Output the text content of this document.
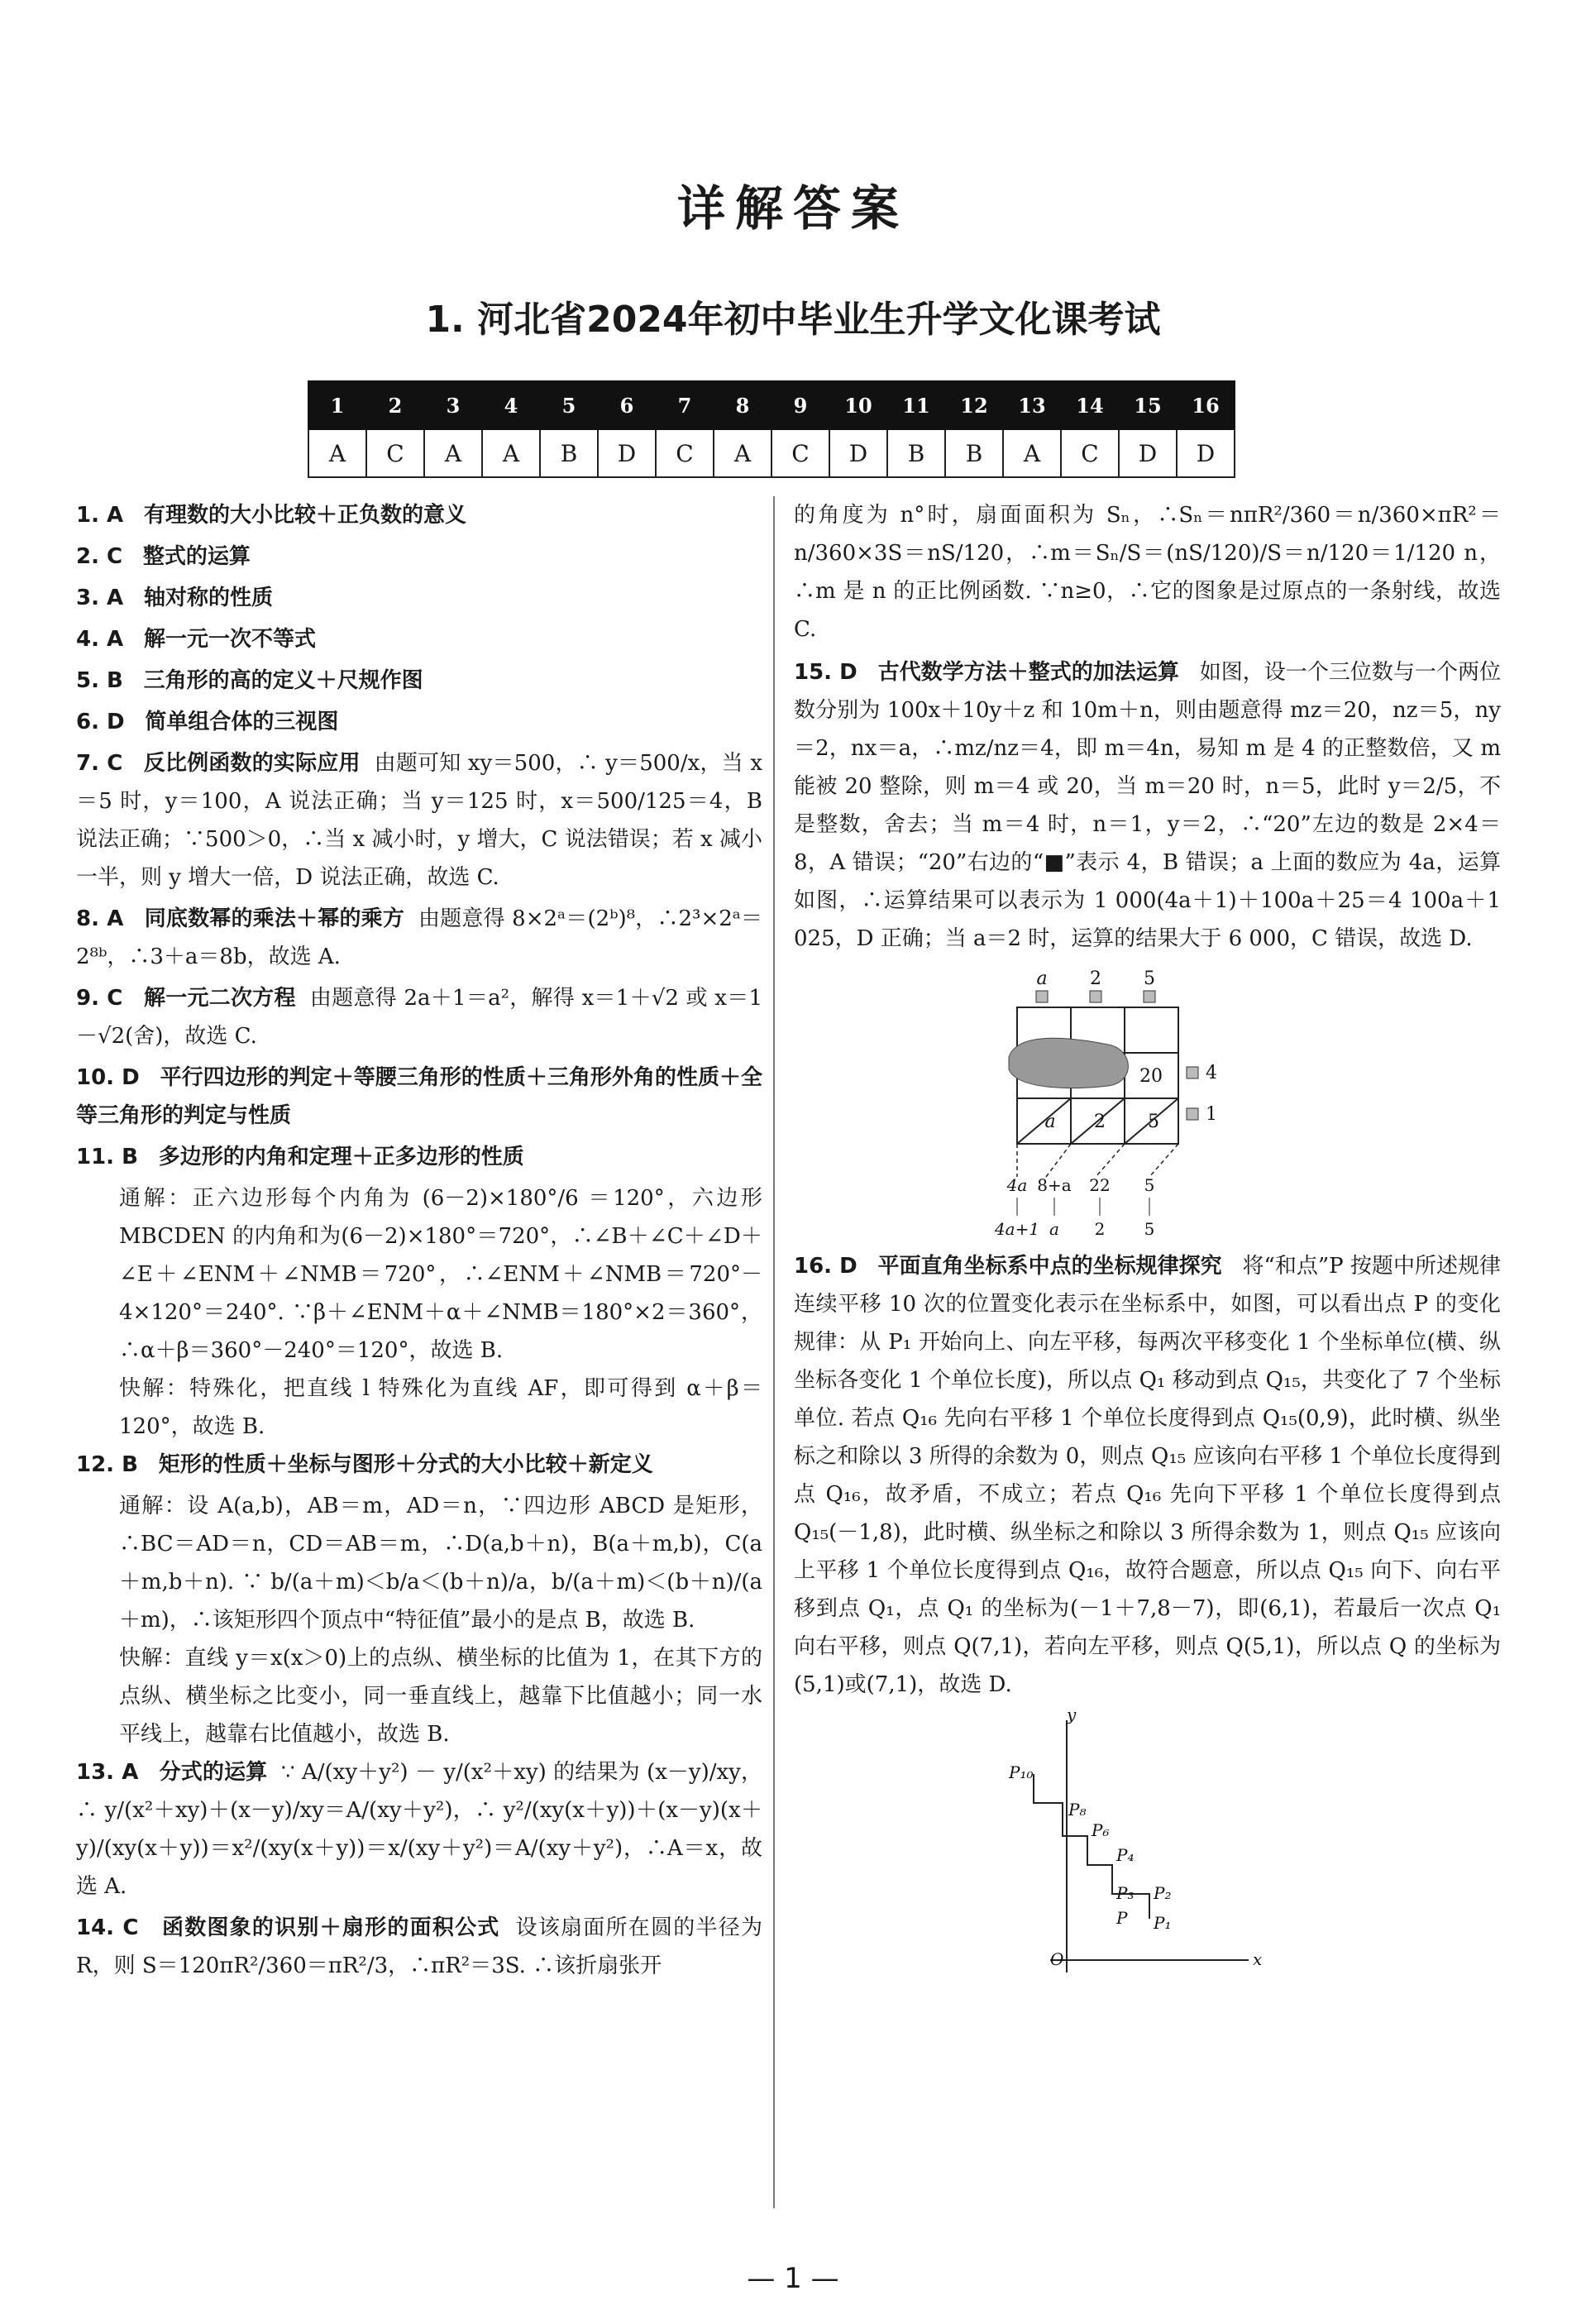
详解答案
1. 河北省2024年初中毕业生升学文化课考试
1	2	3	4	5	6	7	8	9	10	11	12	13	14	15	16
A	C	A	A	B	D	C	A	C	D	B	B	A	C	D	D
1. A 有理数的大小比较＋正负数的意义
2. C 整式的运算
3. A 轴对称的性质
4. A 解一元一次不等式
5. B 三角形的高的定义＋尺规作图
6. D 简单组合体的三视图
7. C 反比例函数的实际应用 由题可知 xy＝500，∴ y＝500/x，当 x＝5 时，y＝100，A 说法正确；当 y＝125 时，x＝500/125＝4，B 说法正确；∵500＞0，∴当 x 减小时，y 增大，C 说法错误；若 x 减小一半，则 y 增大一倍，D 说法正确，故选 C.
8. A 同底数幂的乘法＋幂的乘方 由题意得 8×2ᵃ＝(2ᵇ)⁸，∴2³×2ᵃ＝2⁸ᵇ，∴3＋a＝8b，故选 A.
9. C 解一元二次方程 由题意得 2a＋1＝a²，解得 x＝1＋√2 或 x＝1－√2(舍)，故选 C.
10. D 平行四边形的判定＋等腰三角形的性质＋三角形外角的性质＋全等三角形的判定与性质
11. B 多边形的内角和定理＋正多边形的性质
通解：正六边形每个内角为 (6－2)×180°/6 ＝120°，六边形 MBCDEN 的内角和为(6－2)×180°＝720°，∴∠B＋∠C＋∠D＋∠E＋∠ENM＋∠NMB＝720°，∴∠ENM＋∠NMB＝720°－4×120°＝240°. ∵β＋∠ENM＋α＋∠NMB＝180°×2＝360°，∴α＋β＝360°－240°＝120°，故选 B.
快解：特殊化，把直线 l 特殊化为直线 AF，即可得到 α＋β＝120°，故选 B.
12. B 矩形的性质＋坐标与图形＋分式的大小比较＋新定义
通解：设 A(a,b)，AB＝m，AD＝n，∵四边形 ABCD 是矩形，∴BC＝AD＝n，CD＝AB＝m，∴D(a,b＋n)，B(a＋m,b)，C(a＋m,b＋n). ∵ b/(a＋m)＜b/a＜(b＋n)/a，b/(a＋m)＜(b＋n)/(a＋m)，∴该矩形四个顶点中“特征值”最小的是点 B，故选 B.
快解：直线 y＝x(x＞0)上的点纵、横坐标的比值为 1，在其下方的点纵、横坐标之比变小，同一垂直线上，越靠下比值越小；同一水平线上，越靠右比值越小，故选 B.
13. A 分式的运算 ∵ A/(xy＋y²) － y/(x²＋xy) 的结果为 (x－y)/xy，∴ y/(x²＋xy)＋(x－y)/xy＝A/(xy＋y²)，∴ y²/(xy(x＋y))＋(x－y)(x＋y)/(xy(x＋y))＝x²/(xy(x＋y))＝x/(xy＋y²)＝A/(xy＋y²)，∴A＝x，故选 A.
14. C 函数图象的识别＋扇形的面积公式 设该扇面所在圆的半径为 R，则 S＝120πR²/360＝πR²/3，∴πR²＝3S. ∴该折扇张开
的角度为 n°时，扇面面积为 Sₙ，∴Sₙ＝nπR²/360＝n/360×πR²＝n/360×3S＝nS/120，∴m＝Sₙ/S＝(nS/120)/S＝n/120＝1/120 n，∴m 是 n 的正比例函数. ∵n≥0，∴它的图象是过原点的一条射线，故选 C.
15. D 古代数学方法＋整式的加法运算 如图，设一个三位数与一个两位数分别为 100x＋10y＋z 和 10m＋n，则由题意得 mz＝20，nz＝5，ny＝2，nx＝a，∴mz/nz＝4，即 m＝4n，易知 m 是 4 的正整数倍，又 m 能被 20 整除，则 m＝4 或 20，当 m＝20 时，n＝5，此时 y＝2/5，不是整数，舍去；当 m＝4 时，n＝1，y＝2，∴“20”左边的数是 2×4＝8，A 错误；“20”右边的“■”表示 4，B 错误；a 上面的数应为 4a，运算如图，∴运算结果可以表示为 1 000(4a＋1)＋100a＋25＝4 100a＋1 025，D 正确；当 a＝2 时，运算的结果大于 6 000，C 错误，故选 D.
a 2 5
20 4
1
a 2 5
4a 8+a 22 5
4a+1 a 2 5
16. D 平面直角坐标系中点的坐标规律探究 将“和点”P 按题中所述规律连续平移 10 次的位置变化表示在坐标系中，如图，可以看出点 P 的变化规律：从 P₁ 开始向上、向左平移，每两次平移变化 1 个坐标单位(横、纵坐标各变化 1 个单位长度)，所以点 Q₁ 移动到点 Q₁₅，共变化了 7 个坐标单位. 若点 Q₁₆ 先向右平移 1 个单位长度得到点 Q₁₅(0,9)，此时横、纵坐标之和除以 3 所得的余数为 0，则点 Q₁₅ 应该向右平移 1 个单位长度得到点 Q₁₆，故矛盾，不成立；若点 Q₁₆ 先向下平移 1 个单位长度得到点 Q₁₅(－1,8)，此时横、纵坐标之和除以 3 所得余数为 1，则点 Q₁₅ 应该向上平移 1 个单位长度得到点 Q₁₆，故符合题意，所以点 Q₁₅ 向下、向右平移到点 Q₁，点 Q₁ 的坐标为(－1＋7,8－7)，即(6,1)，若最后一次点 Q₁ 向右平移，则点 Q(7,1)，若向左平移，则点 Q(5,1)，所以点 Q 的坐标为(5,1)或(7,1)，故选 D.
y
x
O
P₁₀
P₈
P₆
P₄
P₃ P₂
P P₁
— 1 —
